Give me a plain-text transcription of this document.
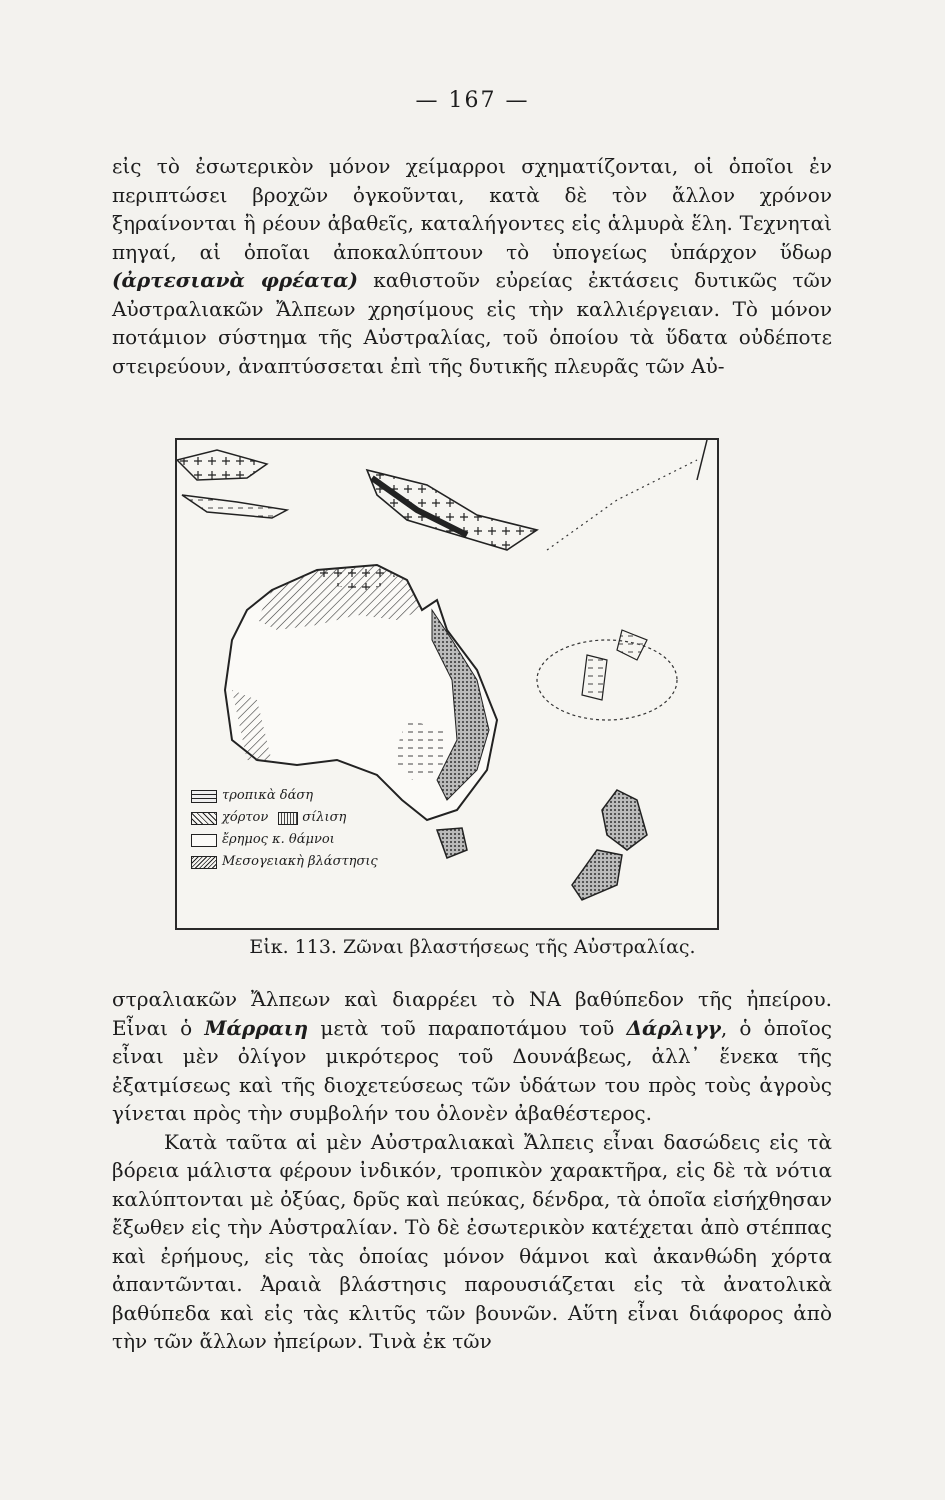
— 167 —

εἰς τὸ ἐσωτερικὸν μόνον χείμαρροι σχηματίζονται, οἱ ὁποῖοι ἐν περιπτώσει βροχῶν ὀγκοῦνται, κατὰ δὲ τὸν ἄλλον χρόνον ξηραίνονται ἢ ρέουν ἀβαθεῖς, καταλήγοντες εἰς ἁλμυρὰ ἕλη. Τεχνηταὶ πηγαί, αἱ ὁποῖαι ἀποκαλύπτουν τὸ ὑπογείως ὑπάρχον ὕδωρ (ἀρτεσιανὰ φρέατα) καθιστοῦν εὐρείας ἐκτάσεις δυτικῶς τῶν Αὐστραλιακῶν Ἄλπεων χρησίμους εἰς τὴν καλλιέργειαν. Τὸ μόνον ποτάμιον σύστημα τῆς Αὐστραλίας, τοῦ ὁποίου τὰ ὕδατα οὐδέποτε στειρεύουν, ἀναπτύσσεται ἐπὶ τῆς δυτικῆς πλευρᾶς τῶν Αὐ-

τροπικὰ δάση
χόρτον	σίλιση
ἔρημος κ. θάμνοι
Μεσογειακὴ βλάστησις
Εἰκ. 113. Ζῶναι βλαστήσεως τῆς Αὐστραλίας.

στραλιακῶν Ἄλπεων καὶ διαρρέει τὸ ΝΑ βαθύπεδον τῆς ἠπείρου. Εἶναι ὁ Μάρραιη μετὰ τοῦ παραποτάμου τοῦ Δάρλιγγ, ὁ ὁποῖος εἶναι μὲν ὀλίγον μικρότερος τοῦ Δουνάβεως, ἀλλ᾽ ἕνεκα τῆς ἐξατμίσεως καὶ τῆς διοχετεύσεως τῶν ὑδάτων του πρὸς τοὺς ἀγροὺς γίνεται πρὸς τὴν συμβολήν του ὁλονὲν ἀβαθέστερος.

Κατὰ ταῦτα αἱ μὲν Αὐστραλιακαὶ Ἄλπεις εἶναι δασώδεις εἰς τὰ βόρεια μάλιστα φέρουν ἰνδικόν, τροπικὸν χαρακτῆρα, εἰς δὲ τὰ νότια καλύπτονται μὲ ὀξύας, δρῦς καὶ πεύκας, δένδρα, τὰ ὁποῖα εἰσήχθησαν ἔξωθεν εἰς τὴν Αὐστραλίαν. Τὸ δὲ ἐσωτερικὸν κατέχεται ἀπὸ στέππας καὶ ἐρήμους, εἰς τὰς ὁποίας μόνον θάμνοι καὶ ἀκανθώδη χόρτα ἀπαντῶνται. Ἀραιὰ βλάστησις παρουσιάζεται εἰς τὰ ἀνατολικὰ βαθύπεδα καὶ εἰς τὰς κλιτῦς τῶν βουνῶν. Αὕτη εἶναι διάφορος ἀπὸ τὴν τῶν ἄλλων ἠπείρων. Τινὰ ἐκ τῶν
